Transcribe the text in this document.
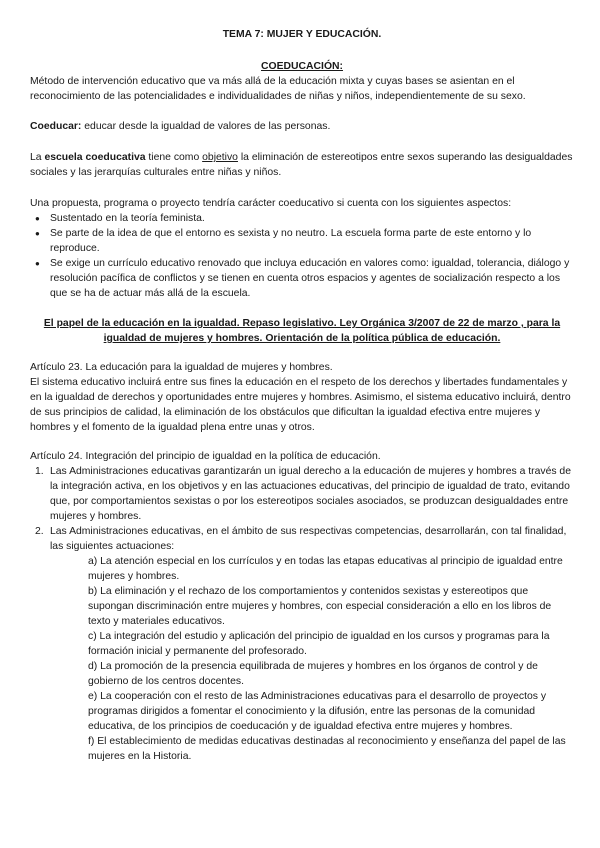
TEMA 7: MUJER Y EDUCACIÓN.

COEDUCACIÓN:

Método de intervención educativo que va más allá de la educación mixta y cuyas bases se asientan en el reconocimiento de las potencialidades e individualidades de niñas y niños, independientemente de su sexo.

Coeducar: educar desde la igualdad de valores de las personas.

La escuela coeducativa tiene como objetivo la eliminación de estereotipos entre sexos superando las desigualdades sociales y las jerarquías culturales entre niñas y niños.

Una propuesta, programa o proyecto tendría carácter coeducativo si cuenta con los siguientes aspectos:

● Sustentado en la teoría feminista.
● Se parte de la idea de que el entorno es sexista y no neutro. La escuela forma parte de este entorno y lo reproduce.
● Se exige un currículo educativo renovado que incluya educación en valores como: igualdad, tolerancia, diálogo y resolución pacífica de conflictos y se tienen en cuenta otros espacios y agentes de socialización respecto a los que se ha de actuar más allá de la escuela.

El papel de la educación en la igualdad. Repaso legislativo. Ley Orgánica 3/2007 de 22 de marzo , para la igualdad de mujeres y hombres. Orientación de la política pública de educación.

Artículo 23. La educación para la igualdad de mujeres y hombres.

El sistema educativo incluirá entre sus fines la educación en el respeto de los derechos y libertades fundamentales y en la igualdad de derechos y oportunidades entre mujeres y hombres. Asimismo, el sistema educativo incluirá, dentro de sus principios de calidad, la eliminación de los obstáculos que dificultan la igualdad efectiva entre mujeres y hombres y el fomento de la igualdad plena entre unas y otros.

Artículo 24. Integración del principio de igualdad en la política de educación.

1. Las Administraciones educativas garantizarán un igual derecho a la educación de mujeres y hombres a través de la integración activa, en los objetivos y en las actuaciones educativas, del principio de igualdad de trato, evitando que, por comportamientos sexistas o por los estereotipos sociales asociados, se produzcan desigualdades entre mujeres y hombres.
2. Las Administraciones educativas, en el ámbito de sus respectivas competencias, desarrollarán, con tal finalidad, las siguientes actuaciones:

a) La atención especial en los currículos y en todas las etapas educativas al principio de igualdad entre mujeres y hombres.

b) La eliminación y el rechazo de los comportamientos y contenidos sexistas y estereotipos que supongan discriminación entre mujeres y hombres, con especial consideración a ello en los libros de texto y materiales educativos.

c) La integración del estudio y aplicación del principio de igualdad en los cursos y programas para la formación inicial y permanente del profesorado.

d) La promoción de la presencia equilibrada de mujeres y hombres en los órganos de control y de gobierno de los centros docentes.

e) La cooperación con el resto de las Administraciones educativas para el desarrollo de proyectos y programas dirigidos a fomentar el conocimiento y la difusión, entre las personas de la comunidad educativa, de los principios de coeducación y de igualdad efectiva entre mujeres y hombres.

f) El establecimiento de medidas educativas destinadas al reconocimiento y enseñanza del papel de las mujeres en la Historia.
